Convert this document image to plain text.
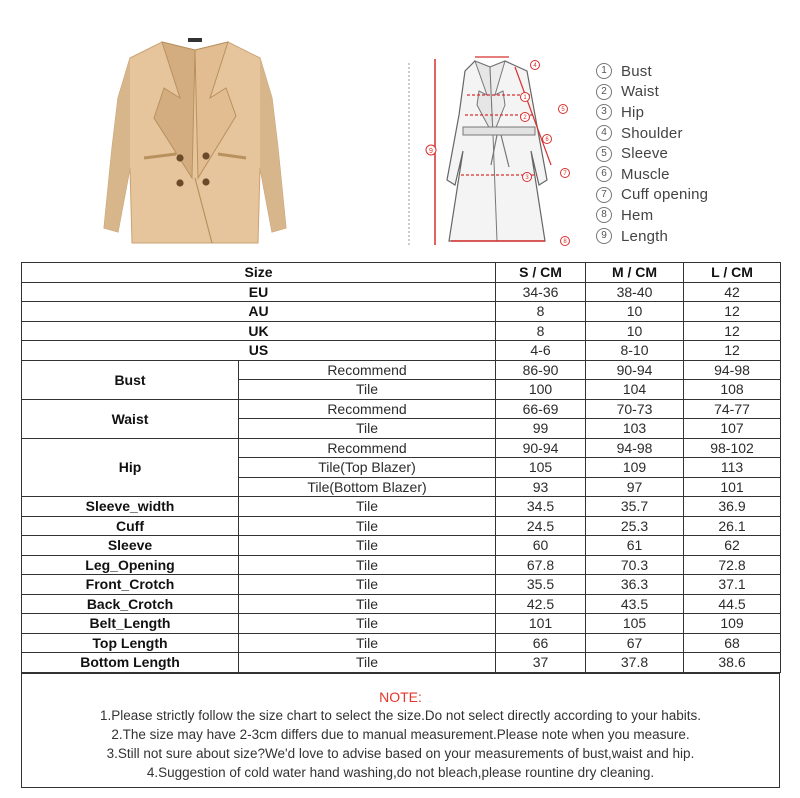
9
4
5
6
7
1
2
3
8
1 Bust
2 Waist
3 Hip
4 Shoulder
5 Sleeve
6 Muscle
7 Cuff opening
8 Hem
9 Length
Size		S / CM	M / CM	L / CM
EU		34-36	38-40	42
AU		8	10	12
UK		8	10	12
US		4-6	8-10	12
Bust	Recommend	86-90	90-94	94-98
	Tile	100	104	108
Waist	Recommend	66-69	70-73	74-77
	Tile	99	103	107
Hip	Recommend	90-94	94-98	98-102
	Tile(Top Blazer)	105	109	113
	Tile(Bottom Blazer)	93	97	101
Sleeve_width	Tile	34.5	35.7	36.9
Cuff	Tile	24.5	25.3	26.1
Sleeve	Tile	60	61	62
Leg_Opening	Tile	67.8	70.3	72.8
Front_Crotch	Tile	35.5	36.3	37.1
Back_Crotch	Tile	42.5	43.5	44.5
Belt_Length	Tile	101	105	109
Top Length	Tile	66	67	68
Bottom Length	Tile	37	37.8	38.6
NOTE:
1.Please strictly follow the size chart to select the size.Do not select directly according to your habits.
2.The size may have 2-3cm differs due to manual measurement.Please note when you measure.
3.Still not sure about size?We'd love to advise based on your measurements of bust,waist and hip.
4.Suggestion of cold water hand washing,do not bleach,please rountine dry cleaning.
